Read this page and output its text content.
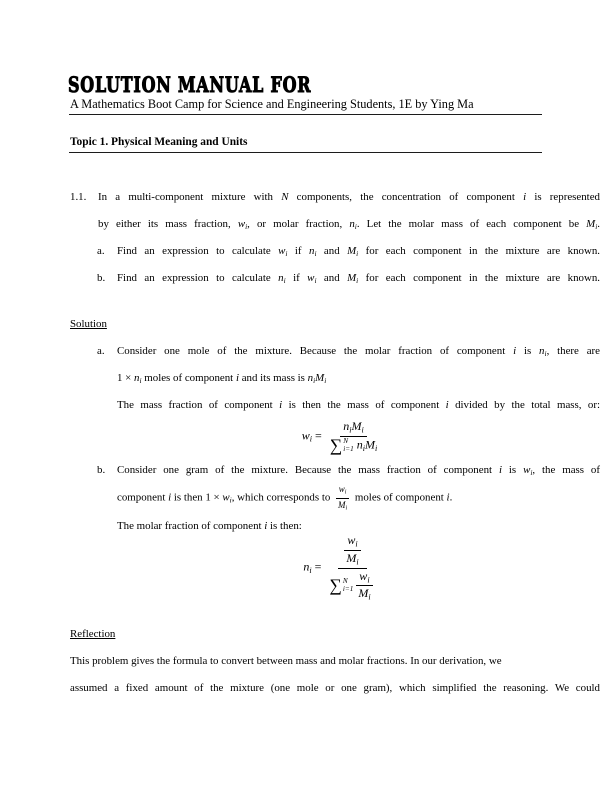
SOLUTION MANUAL FOR
A Mathematics Boot Camp for Science and Engineering Students, 1E by Ying Ma
Topic 1. Physical Meaning and Units
1.1. In a multi-component mixture with N components, the concentration of component i is represented
by either its mass fraction, wi, or molar fraction, ni. Let the molar mass of each component be Mi.
a. Find an expression to calculate wi if ni and Mi for each component in the mixture are known.
b. Find an expression to calculate ni if wi and Mi for each component in the mixture are known.
Solution
a. Consider one mole of the mixture. Because the molar fraction of component i is ni, there are
1 × ni moles of component i and its mass is niMi
The mass fraction of component i is then the mass of component i divided by the total mass, or:
wi = niMi
∑ N
i=1 niMi
b. Consider one gram of the mixture. Because the mass fraction of component i is wi, the mass of
component i is then 1 × wi, which corresponds to $\frac{wi}{Mi}$ moles of component i.
The molar fraction of component i is then:
ni = $\frac{wi}{Mi}$
∑ N
$i=1 \frac{wi}{Mi}$
Reflection
This problem gives the formula to convert between mass and molar fractions. In our derivation, we
assumed a fixed amount of the mixture (one mole or one gram), which simplified the reasoning. We could
